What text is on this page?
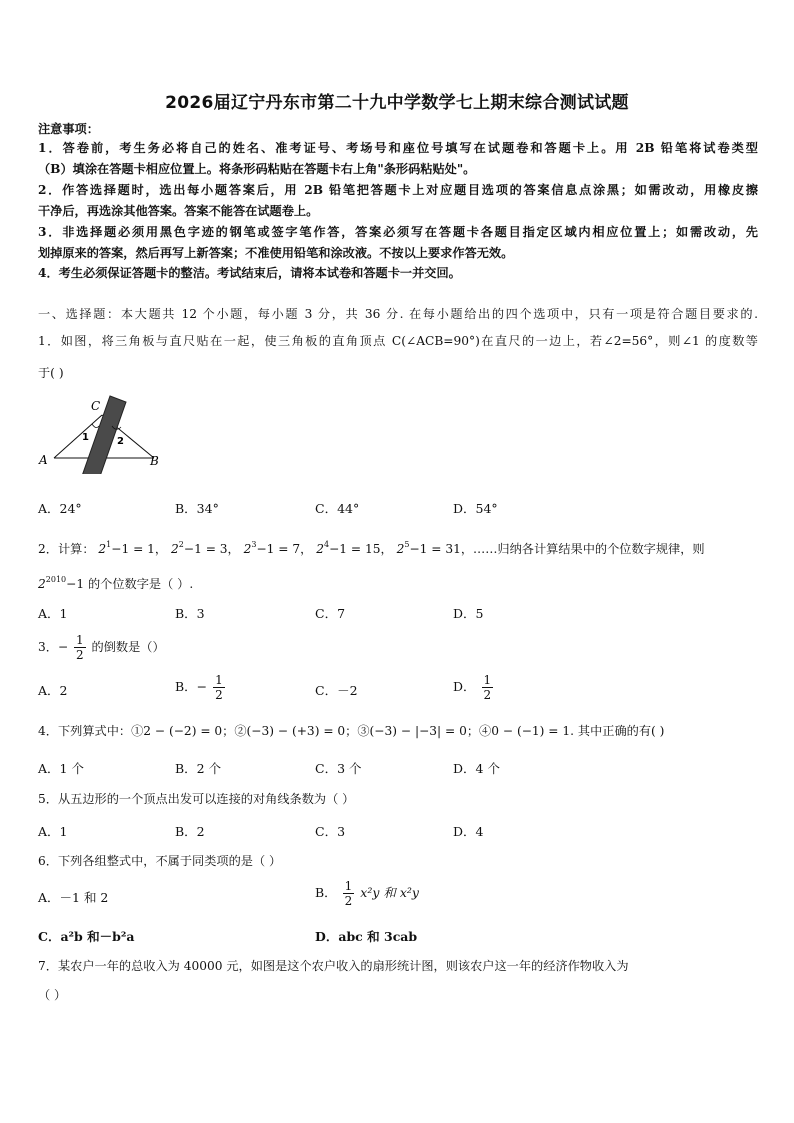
2026届辽宁丹东市第二十九中学数学七上期末综合测试试题
注意事项：
1．答卷前，考生务必将自己的姓名、准考证号、考场号和座位号填写在试题卷和答题卡上。用 2B 铅笔将试卷类型
（B）填涂在答题卡相应位置上。将条形码粘贴在答题卡右上角"条形码粘贴处"。
2．作答选择题时，选出每小题答案后，用 2B 铅笔把答题卡上对应题目选项的答案信息点涂黑；如需改动，用橡皮擦
干净后，再选涂其他答案。答案不能答在试题卷上。
3．非选择题必须用黑色字迹的钢笔或签字笔作答，答案必须写在答题卡各题目指定区域内相应位置上；如需改动，先
划掉原来的答案，然后再写上新答案；不准使用铅笔和涂改液。不按以上要求作答无效。
4．考生必须保证答题卡的整洁。考试结束后，请将本试卷和答题卡一并交回。
一、选择题：本大题共 12 个小题，每小题 3 分，共 36 分. 在每小题给出的四个选项中，只有一项是符合题目要求的.
1．如图，将三角板与直尺贴在一起，使三角板的直角顶点 C(∠ACB=90°)在直尺的一边上，若∠2=56°，则∠1 的度数等
于( )
C
A	B
1	2
A．24°	B．34°	C．44°	D．54°
2．计算： $2^1-1 = 1$， $2^2-1 = 3$， $2^3-1 = 7$， $2^4-1 = 15$， $2^5-1 = 31$，……归纳各计算结果中的个位数字规律，则
$2^{2010}-1$ 的个位数字是（ ）.
A．1	B．3	C．7	D．5
3．− $\frac{1}{2}$ 的倒数是（）
A．2	B．− $\frac{1}{2}$	C．－2	D． $\frac{1}{2}$
4．下列算式中：①2 − (−2) = 0；②(−3) − (+3) = 0；③(−3) − |−3| = 0；④0 − (−1) = 1. 其中正确的有( )
A．1 个	B．2 个	C．3 个	D．4 个
5．从五边形的一个顶点出发可以连接的对角线条数为（ ）
A．1	B．2	C．3	D．4
6．下列各组整式中，不属于同类项的是（ ）
A．－1 和 2	B． $\frac{1}{2} x^2y$ 和 x²y
C．a²b 和－b²a	D．abc 和 3cab
7．某农户一年的总收入为 40000 元，如图是这个农户收入的扇形统计图，则该农户这一年的经济作物收入为
（ ）
